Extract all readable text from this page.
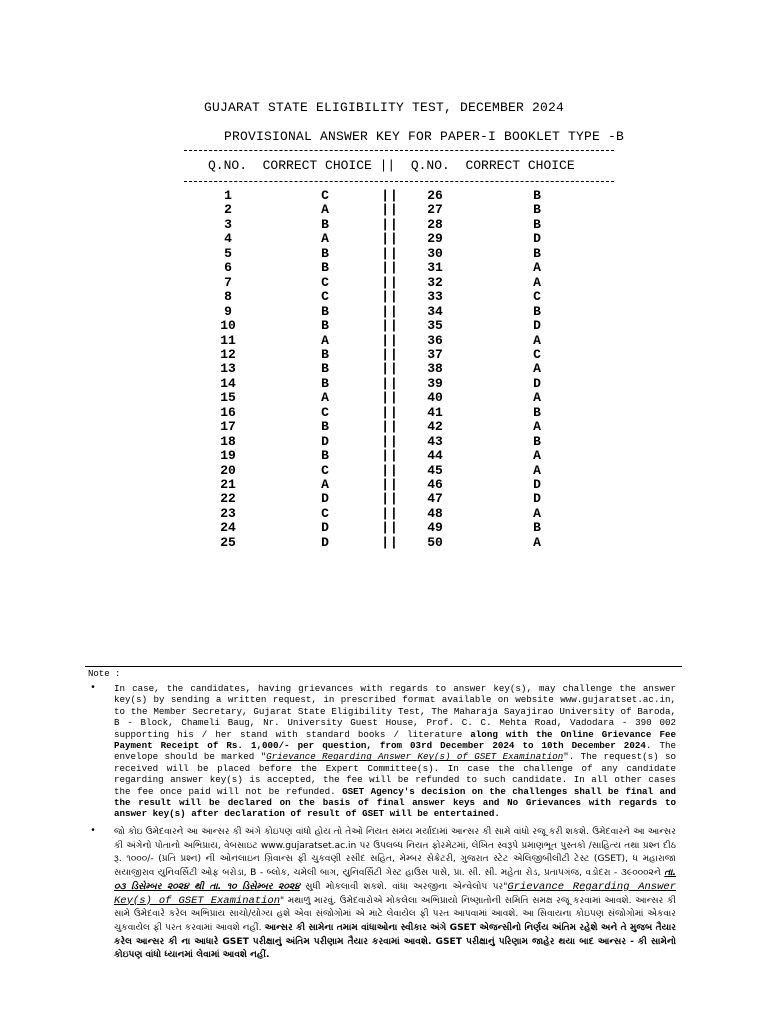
GUJARAT STATE ELIGIBILITY TEST, DECEMBER 2024
PROVISIONAL ANSWER KEY FOR PAPER-I BOOKLET TYPE -B
Q.NO.  CORRECT CHOICE ||  Q.NO.  CORRECT CHOICE
1	C	||	26	B
2	A	||	27	B
3	B	||	28	B
4	A	||	29	D
5	B	||	30	B
6	B	||	31	A
7	C	||	32	A
8	C	||	33	C
9	B	||	34	B
10	B	||	35	D
11	A	||	36	A
12	B	||	37	C
13	B	||	38	A
14	B	||	39	D
15	A	||	40	A
16	C	||	41	B
17	B	||	42	A
18	D	||	43	B
19	B	||	44	A
20	C	||	45	A
21	A	||	46	D
22	D	||	47	D
23	C	||	48	A
24	D	||	49	B
25	D	||	50	A
Note :
• In case, the candidates, having grievances with regards to answer key(s), may challenge the answer key(s) by sending a written request, in prescribed format available on website www.gujaratset.ac.in, to the Member Secretary, Gujarat State Eligibility Test, The Maharaja Sayajirao University of Baroda, B - Block, Chameli Baug, Nr. University Guest House, Prof. C. C. Mehta Road, Vadodara - 390 002 supporting his / her stand with standard books / literature along with the Online Grievance Fee Payment Receipt of Rs. 1,000/- per question, from 03rd December 2024 to 10th December 2024. The envelope should be marked "Grievance Regarding Answer Key(s) of GSET Examination". The request(s) so received will be placed before the Expert Committee(s). In case the challenge of any candidate regarding answer key(s) is accepted, the fee will be refunded to such candidate. In all other cases the fee once paid will not be refunded. GSET Agency's decision on the challenges shall be final and the result will be declared on the basis of final answer keys and No Grievances with regards to answer key(s) after declaration of result of GSET will be entertained.
• જો કોઇ ઉમેદવારને આ આન્સર કી અંગે કોઇપણ વાંધો હોય તો તેઓ નિયત સમય મર્યાદામાં આન્સર કી સામે વાંધો રજૂ કરી શકશે. ઉમેદવારને આ આન્સર કી અંગેનો પોતાનો અભિપ્રાય, વેબસાઇટ www.gujaratset.ac.in પર ઉપલબ્ધ નિયત ફોરમેટમાં, લેખિત સ્વરૂપે પ્રમાણભૂત પુસ્તકો /સાહિત્ય તથા પ્રશ્ન દીઠ રૂ. ૧૦૦૦/- (પ્રતિ પ્રશ્ન) ની ઓનલાઇન ગ્રિવાન્સ ફી ચુકવણી રસીદ સહિત, મેમ્બર સેક્રેટરી, ગુજરાત સ્ટેટ એલિજીબીલીટી ટેસ્ટ (GSET), ધ મહારાજા સયાજીરાવ યુનિવર્સિટી ઓફ બરોડા, B - બ્લોક, ચમેલી બાગ, યુનિવર્સિટી ગેસ્ટ હાઉસ પાસે, પ્રા. સી. સી. મહેતા રોડ, પ્રતાપગંજ, વડોદરા - ૩૯૦૦૦૨ને તા. ૦૩ ડિસેમ્બર ૨૦૨૪ થી તા. ૧૦ ડિસેમ્બર ૨૦૨૪ સુધી મોકલાવી શકશે. વાંધા અરજીના એન્વેલોપ પર"Grievance Regarding Answer Key(s) of GSET Examination" મથાળું મારવું. ઉમેદવારોએ મોકલેલા અભિપ્રાયો નિષ્ણાતોની સમિતિ સમક્ષ રજૂ કરવામાં આવશે. આન્સર કી સામે ઉમેદવારે કરેલ અભિપ્રાય સાચો/યોગ્ય હશે એવા સંજોગોમાં એ માટે લેવાયેલ ફી પરત આપવામાં આવશે. આ સિવાયના કોઇપણ સંજોગોમાં એકવાર ચુકવાયેલ ફી પરત કરવામાં આવશે નહીં. આન્સર કી સામેના તમામ વાંધાઓના સ્વીકાર અંગે GSET એજન્સીનો નિર્ણય અંતિમ રહેશે અને તે મુજબ તૈયાર કરેલ આન્સર કી ના આધારે GSET પરીક્ષાનું અંતિમ પરીણામ તૈયાર કરવામાં આવશે. GSET પરીક્ષાનું પરિણામ જાહેર થયા બાદ આન્સર - કી સામેનો કોઇપણ વાંધો ધ્યાનમાં લેવામાં આવશે નહીં.
